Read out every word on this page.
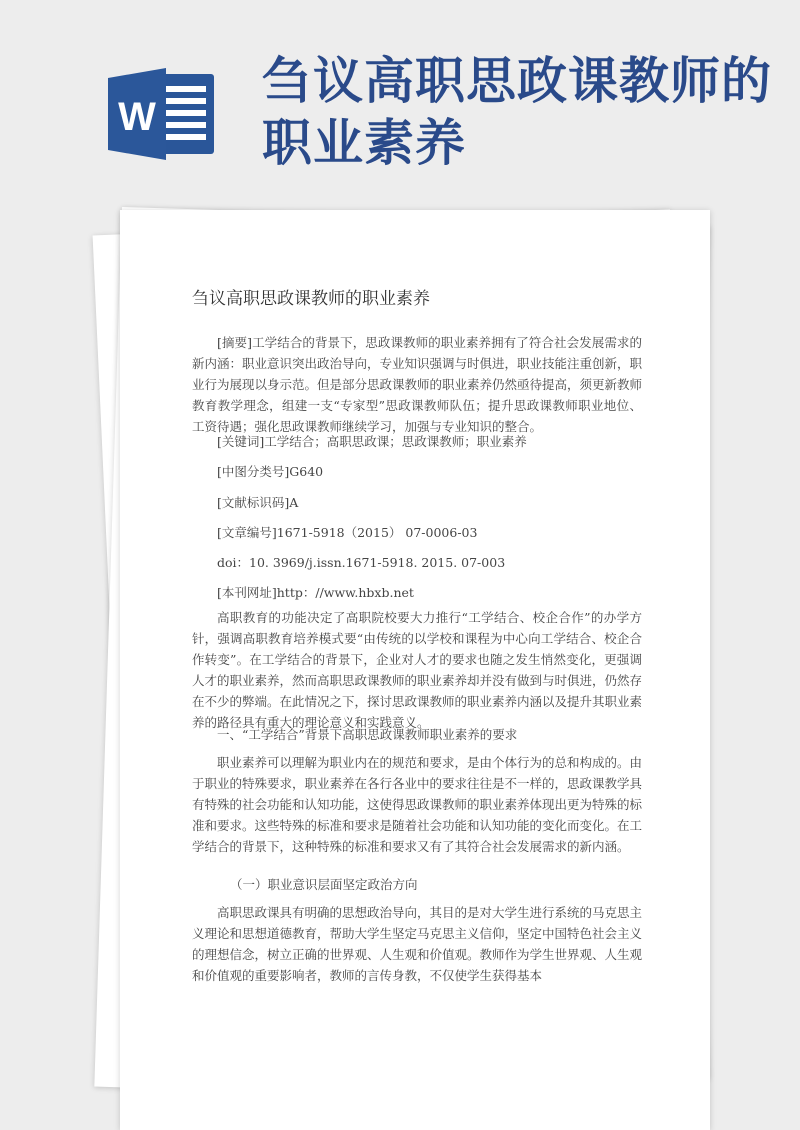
W
刍议高职思政课教师的职业素养
刍议高职思政课教师的职业素养

[摘要]工学结合的背景下，思政课教师的职业素养拥有了符合社会发展需求的新内涵：职业意识突出政治导向，专业知识强调与时俱进，职业技能注重创新，职业行为展现以身示范。但是部分思政课教师的职业素养仍然亟待提高，须更新教师教育教学理念，组建一支“专家型”思政课教师队伍；提升思政课教师职业地位、工资待遇；强化思政课教师继续学习，加强与专业知识的整合。

[关键词]工学结合；高职思政课；思政课教师；职业素养

[中图分类号]G640

[文献标识码]A

[文章编号]1671-5918（2015） 07-0006-03

doi：10. 3969/j.issn.1671-5918. 2015. 07-003

[本刊网址]http：//www.hbxb.net

高职教育的功能决定了高职院校要大力推行“工学结合、校企合作”的办学方针，强调高职教育培养模式要“由传统的以学校和课程为中心向工学结合、校企合作转变”。在工学结合的背景下，企业对人才的要求也随之发生悄然变化，更强调人才的职业素养，然而高职思政课教师的职业素养却并没有做到与时俱进，仍然存在不少的弊端。在此情况之下，探讨思政课教师的职业素养内涵以及提升其职业素养的路径具有重大的理论意义和实践意义。

一、“工学结合”背景下高职思政课教师职业素养的要求

职业素养可以理解为职业内在的规范和要求，是由个体行为的总和构成的。由于职业的特殊要求，职业素养在各行各业中的要求往往是不一样的，思政课教学具有特殊的社会功能和认知功能，这使得思政课教师的职业素养体现出更为特殊的标准和要求。这些特殊的标准和要求是随着社会功能和认知功能的变化而变化。在工学结合的背景下，这种特殊的标准和要求又有了其符合社会发展需求的新内涵。

（一）职业意识层面坚定政治方向

高职思政课具有明确的思想政治导向，其目的是对大学生进行系统的马克思主义理论和思想道德教育，帮助大学生坚定马克思主义信仰，坚定中国特色社会主义的理想信念，树立正确的世界观、人生观和价值观。教师作为学生世界观、人生观和价值观的重要影响者，教师的言传身教，不仅使学生获得基本
